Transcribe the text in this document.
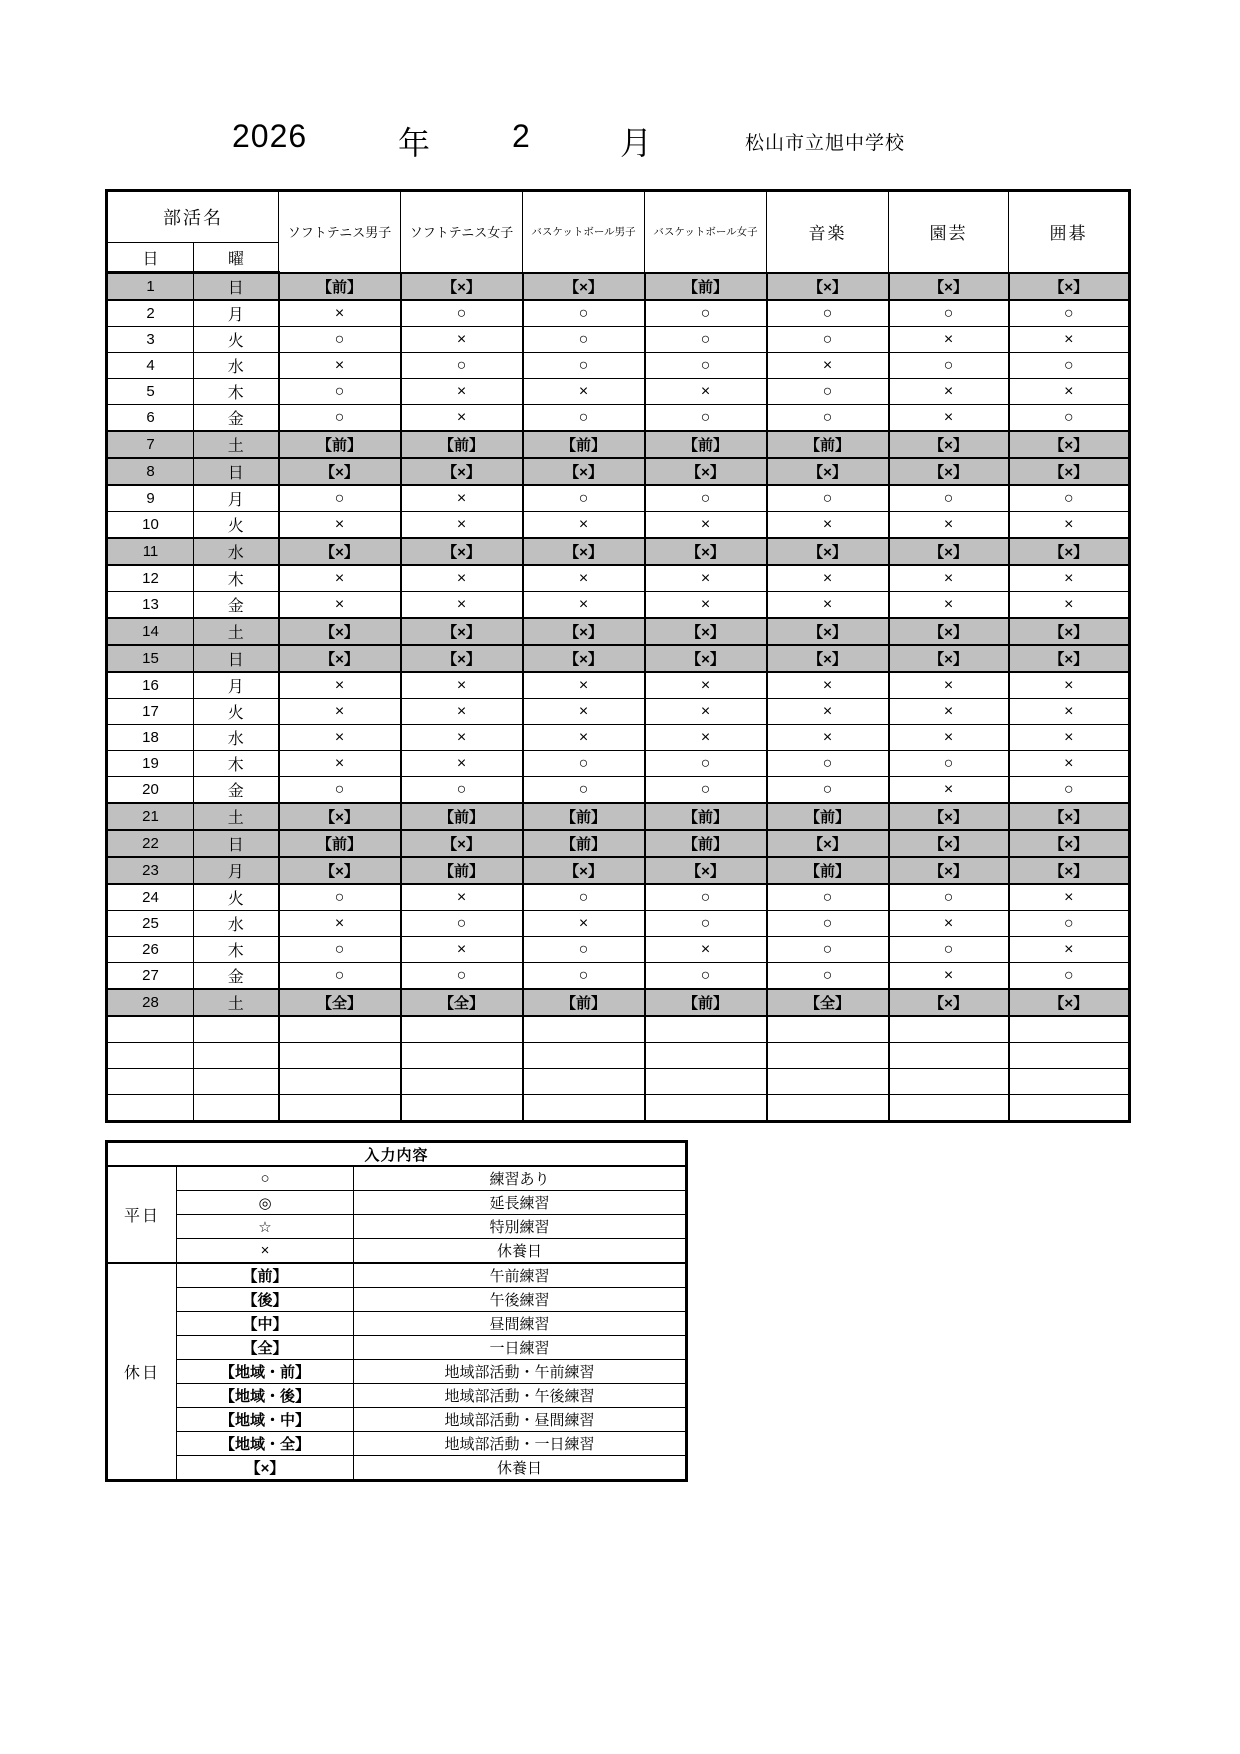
2026	年	2	月	松山市立旭中学校
部活名		ソフトテニス男子	ソフトテニス女子	バスケットボール男子	バスケットボール女子	音楽	園芸	囲碁
日	曜							
1	日	【前】	【×】	【×】	【前】	【×】	【×】	【×】
2	月	×	○	○	○	○	○	○
3	火	○	×	○	○	○	×	×
4	水	×	○	○	○	×	○	○
5	木	○	×	×	×	○	×	×
6	金	○	×	○	○	○	×	○
7	土	【前】	【前】	【前】	【前】	【前】	【×】	【×】
8	日	【×】	【×】	【×】	【×】	【×】	【×】	【×】
9	月	○	×	○	○	○	○	○
10	火	×	×	×	×	×	×	×
11	水	【×】	【×】	【×】	【×】	【×】	【×】	【×】
12	木	×	×	×	×	×	×	×
13	金	×	×	×	×	×	×	×
14	土	【×】	【×】	【×】	【×】	【×】	【×】	【×】
15	日	【×】	【×】	【×】	【×】	【×】	【×】	【×】
16	月	×	×	×	×	×	×	×
17	火	×	×	×	×	×	×	×
18	水	×	×	×	×	×	×	×
19	木	×	×	○	○	○	○	×
20	金	○	○	○	○	○	×	○
21	土	【×】	【前】	【前】	【前】	【前】	【×】	【×】
22	日	【前】	【×】	【前】	【前】	【×】	【×】	【×】
23	月	【×】	【前】	【×】	【×】	【前】	【×】	【×】
24	火	○	×	○	○	○	○	×
25	水	×	○	×	○	○	×	○
26	木	○	×	○	×	○	○	×
27	金	○	○	○	○	○	×	○
28	土	【全】	【全】	【前】	【前】	【全】	【×】	【×】

入力内容		
平日	○	練習あり
	◎	延長練習
	☆	特別練習
	×	休養日
休日	【前】	午前練習
	【後】	午後練習
	【中】	昼間練習
	【全】	一日練習
	【地域・前】	地域部活動・午前練習
	【地域・後】	地域部活動・午後練習
	【地域・中】	地域部活動・昼間練習
	【地域・全】	地域部活動・一日練習
	【×】	休養日
